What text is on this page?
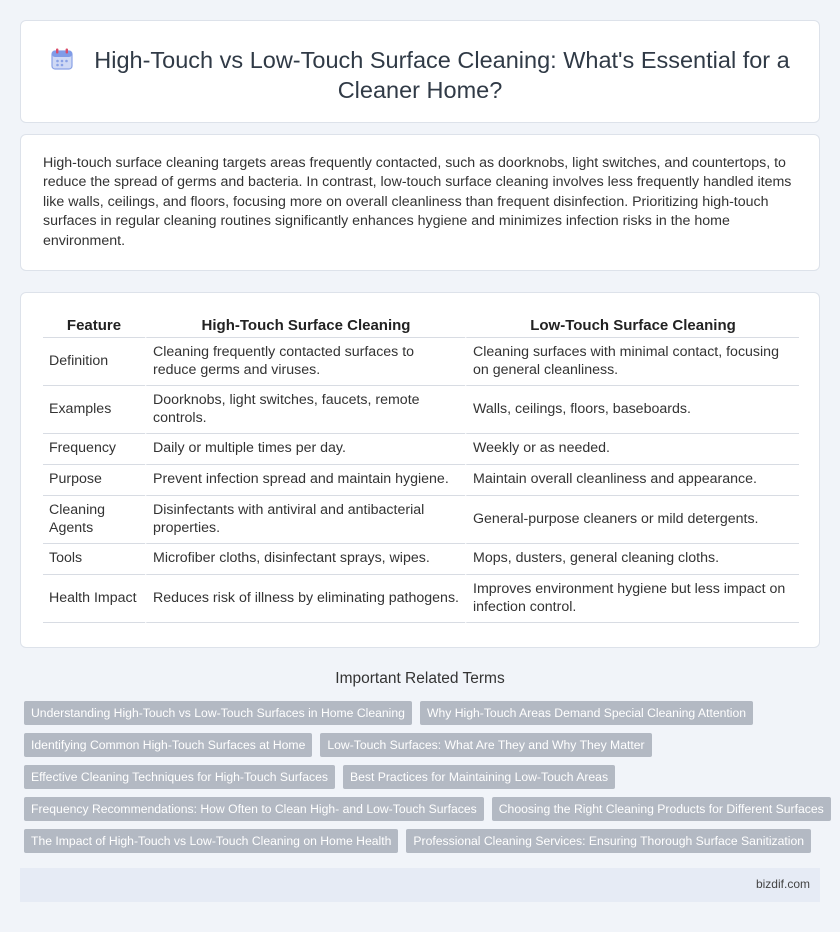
High-Touch vs Low-Touch Surface Cleaning: What's Essential for a Cleaner Home?

High-touch surface cleaning targets areas frequently contacted, such as doorknobs, light switches, and countertops, to reduce the spread of germs and bacteria. In contrast, low-touch surface cleaning involves less frequently handled items like walls, ceilings, and floors, focusing more on overall cleanliness than frequent disinfection. Prioritizing high-touch surfaces in regular cleaning routines significantly enhances hygiene and minimizes infection risks in the home environment.

Feature	High-Touch Surface Cleaning	Low-Touch Surface Cleaning
Definition	Cleaning frequently contacted surfaces to reduce germs and viruses.	Cleaning surfaces with minimal contact, focusing on general cleanliness.
Examples	Doorknobs, light switches, faucets, remote controls.	Walls, ceilings, floors, baseboards.
Frequency	Daily or multiple times per day.	Weekly or as needed.
Purpose	Prevent infection spread and maintain hygiene.	Maintain overall cleanliness and appearance.
Cleaning Agents	Disinfectants with antiviral and antibacterial properties.	General-purpose cleaners or mild detergents.
Tools	Microfiber cloths, disinfectant sprays, wipes.	Mops, dusters, general cleaning cloths.
Health Impact	Reduces risk of illness by eliminating pathogens.	Improves environment hygiene but less impact on infection control.
Important Related Terms
Understanding High-Touch vs Low-Touch Surfaces in Home Cleaning	Why High-Touch Areas Demand Special Cleaning Attention
Identifying Common High-Touch Surfaces at Home	Low-Touch Surfaces: What Are They and Why They Matter
Effective Cleaning Techniques for High-Touch Surfaces	Best Practices for Maintaining Low-Touch Areas
Frequency Recommendations: How Often to Clean High- and Low-Touch Surfaces	Choosing the Right Cleaning Products for Different Surfaces
The Impact of High-Touch vs Low-Touch Cleaning on Home Health	Professional Cleaning Services: Ensuring Thorough Surface Sanitization
bizdif.com
